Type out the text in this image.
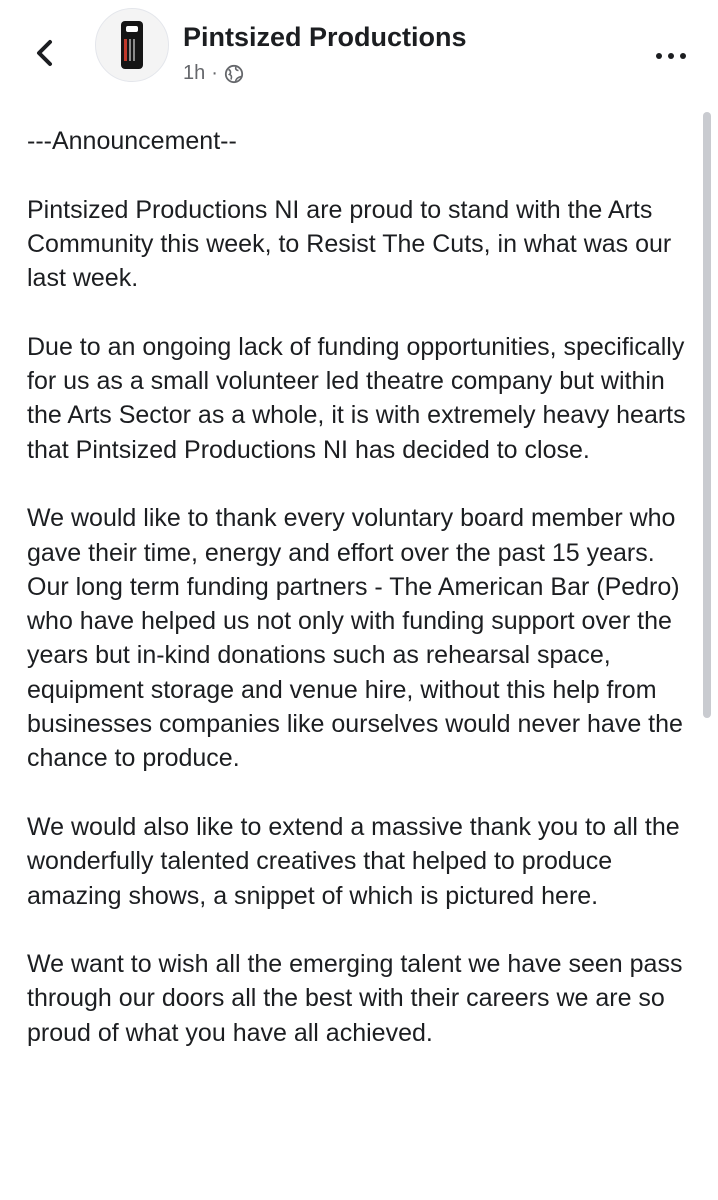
Pintsized Productions
1h ·

---Announcement--

Pintsized Productions NI are proud to stand with the Arts Community this week, to Resist The Cuts, in what was our last week.

Due to an ongoing lack of funding opportunities, specifically for us as a small volunteer led theatre company but within the Arts Sector as a whole, it is with extremely heavy hearts that Pintsized Productions NI has decided to close.

We would like to thank every voluntary board member who gave their time, energy and effort over the past 15 years. Our long term funding partners - The American Bar (Pedro) who have helped us not only with funding support over the years but in-kind donations such as rehearsal space, equipment storage and venue hire, without this help from businesses companies like ourselves would never have the chance to produce.

We would also like to extend a massive thank you to all the wonderfully talented creatives that helped to produce amazing shows, a snippet of which is pictured here.

We want to wish all the emerging talent we have seen pass through our doors all the best with their careers we are so proud of what you have all achieved.
